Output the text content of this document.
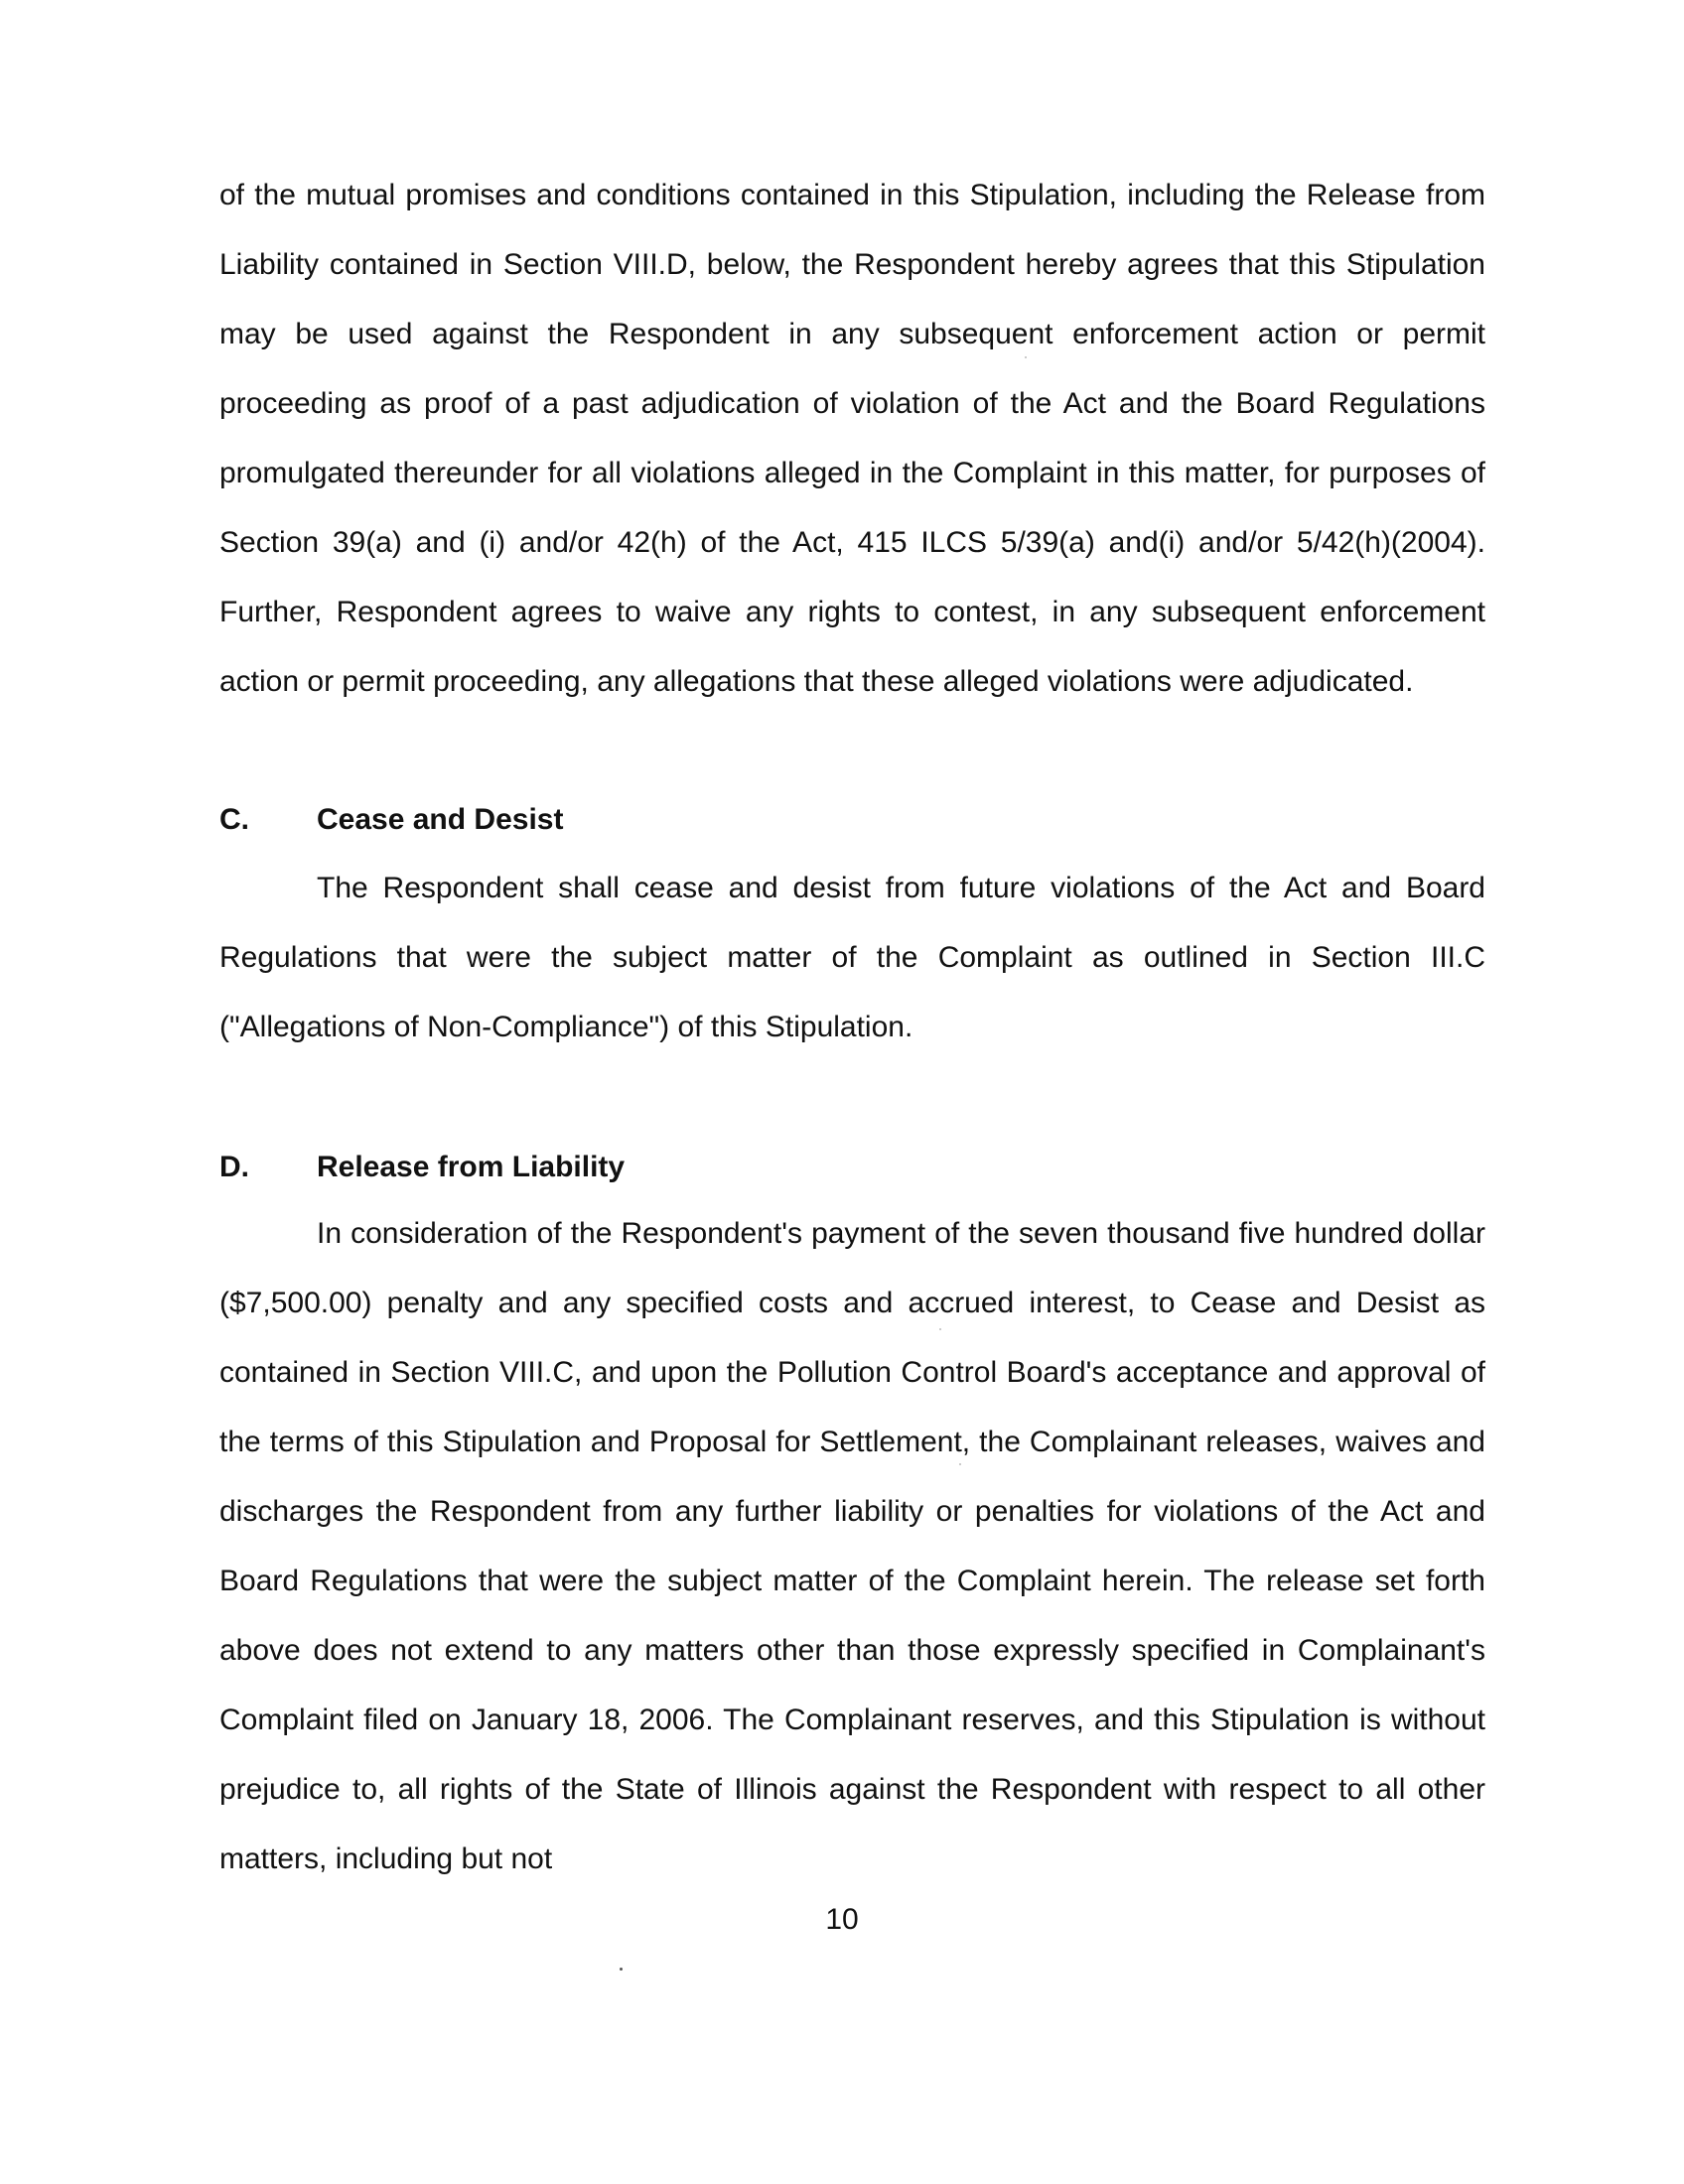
of the mutual promises and conditions contained in this Stipulation, including the Release from Liability contained in Section VIII.D, below, the Respondent hereby agrees that this Stipulation may be used against the Respondent in any subsequent enforcement action or permit proceeding as proof of a past adjudication of violation of the Act and the Board Regulations promulgated thereunder for all violations alleged in the Complaint in this matter, for purposes of Section 39(a) and (i) and/or 42(h) of the Act, 415 ILCS 5/39(a) and(i) and/or 5/42(h)(2004). Further, Respondent agrees to waive any rights to contest, in any subsequent enforcement action or permit proceeding, any allegations that these alleged violations were adjudicated.

C. Cease and Desist

The Respondent shall cease and desist from future violations of the Act and Board Regulations that were the subject matter of the Complaint as outlined in Section III.C ("Allegations of Non-Compliance") of this Stipulation.

D. Release from Liability

In consideration of the Respondent's payment of the seven thousand five hundred dollar ($7,500.00) penalty and any specified costs and accrued interest, to Cease and Desist as contained in Section VIII.C, and upon the Pollution Control Board's acceptance and approval of the terms of this Stipulation and Proposal for Settlement, the Complainant releases, waives and discharges the Respondent from any further liability or penalties for violations of the Act and Board Regulations that were the subject matter of the Complaint herein. The release set forth above does not extend to any matters other than those expressly specified in Complainant's Complaint filed on January 18, 2006. The Complainant reserves, and this Stipulation is without prejudice to, all rights of the State of Illinois against the Respondent with respect to all other matters, including but not

10
